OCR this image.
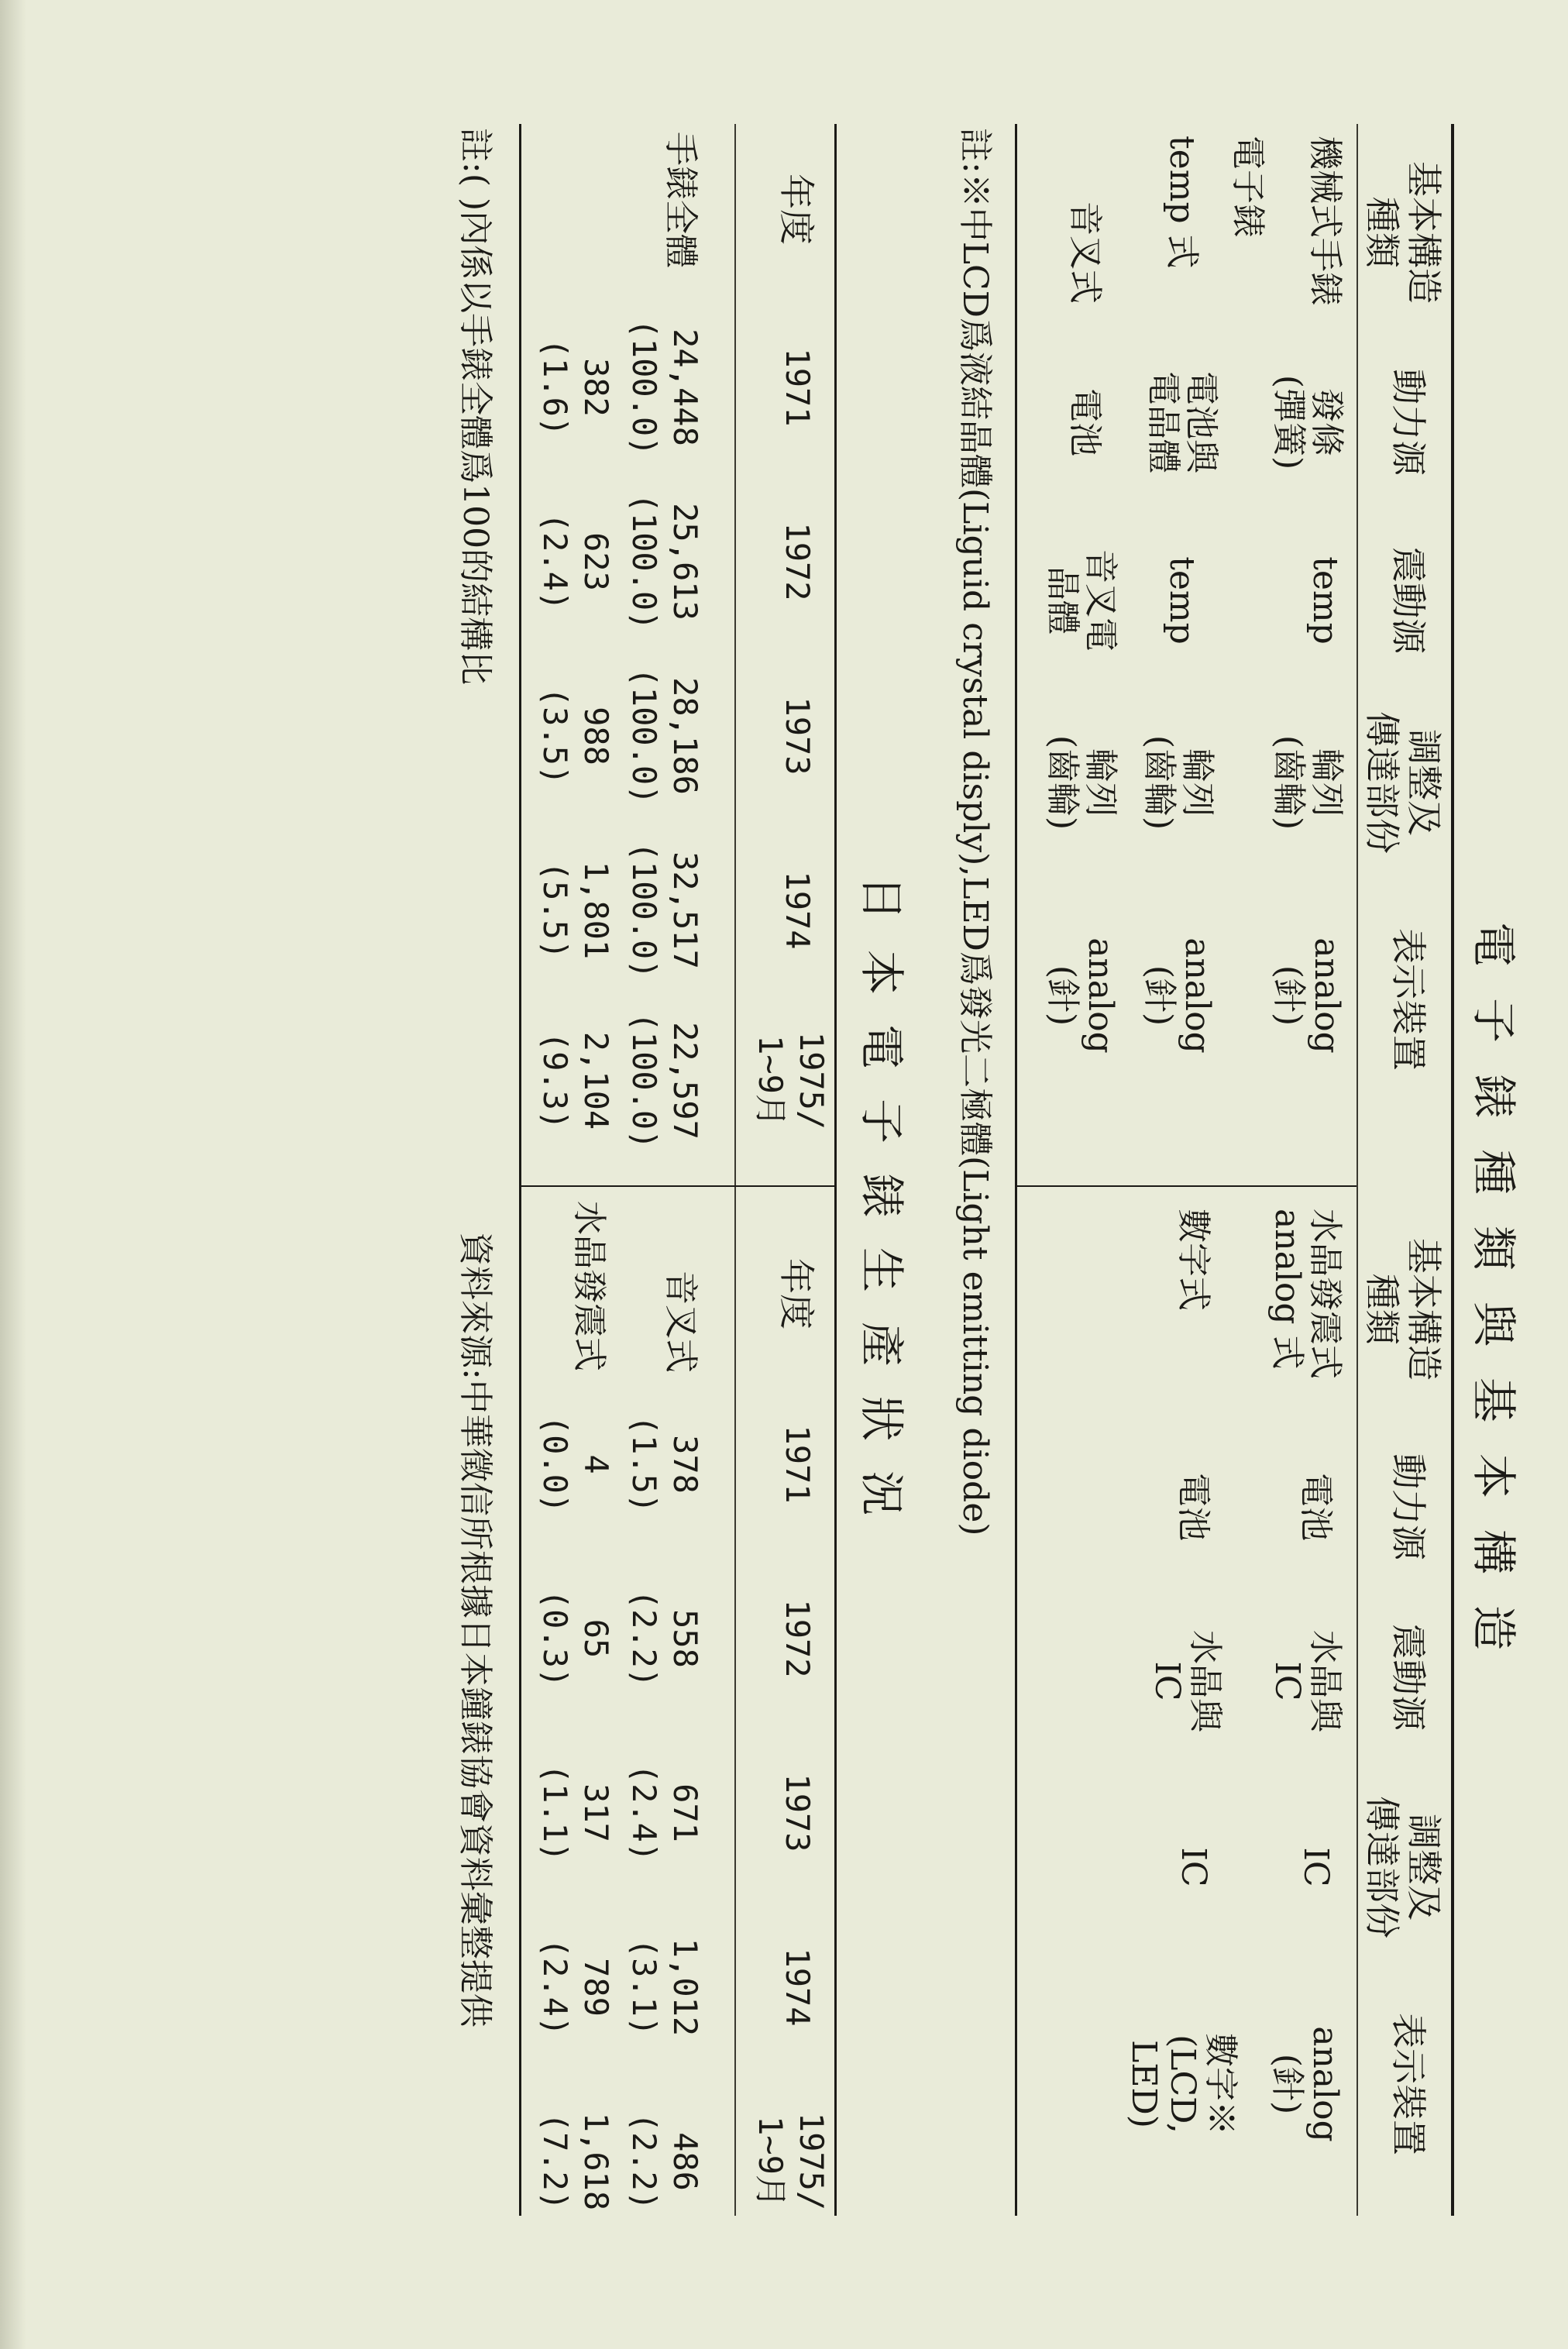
電子錶種類與基本構造
基本構造
種類
動力源
震動源
調整及
傳達部份
表示裝置
基本構造
種類
動力源
震動源
調整及
傳達部份
表示裝置
機械式手錶
發條
(彈簧)
temp
輪列
(齒輪)
analog
(針)
電子錶
temp 式
電池與
電晶體
temp
輪列
(齒輪)
analog
(針)
音叉式
電池
音叉電
晶體
輪列
(齒輪)
analog
(針)
水晶發震式
analog 式
電池
水晶與
IC
IC
analog
(針)
數字式
電池
水晶與
IC
IC
數字※
(LCD,
LED)
註:※中LCD爲液結晶體(Liguid crystal disply),LED爲發光二極體(Light emitting diode)
日本電子錶生產狀況
年度
1971
1972
1973
1974
1975/
1~9月
手錶全體
24,448
(100.0)
25,613
(100.0)
28,186
(100.0)
32,517
(100.0)
22,597
(100.0)
382
(1.6)
623
(2.4)
988
(3.5)
1,801
(5.5)
2,104
(9.3)
年度
1971
1972
1973
1974
1975/
1~9月
音叉式
378
(1.5)
558
(2.2)
671
(2.4)
1,012
(3.1)
486
(2.2)
水晶發震式
4
(0.0)
65
(0.3)
317
(1.1)
789
(2.4)
1,618
(7.2)
註:( )內係以手錶全體爲100的結構比
資料來源:中華徵信所根據日本鐘錶協會資料彙整提供
